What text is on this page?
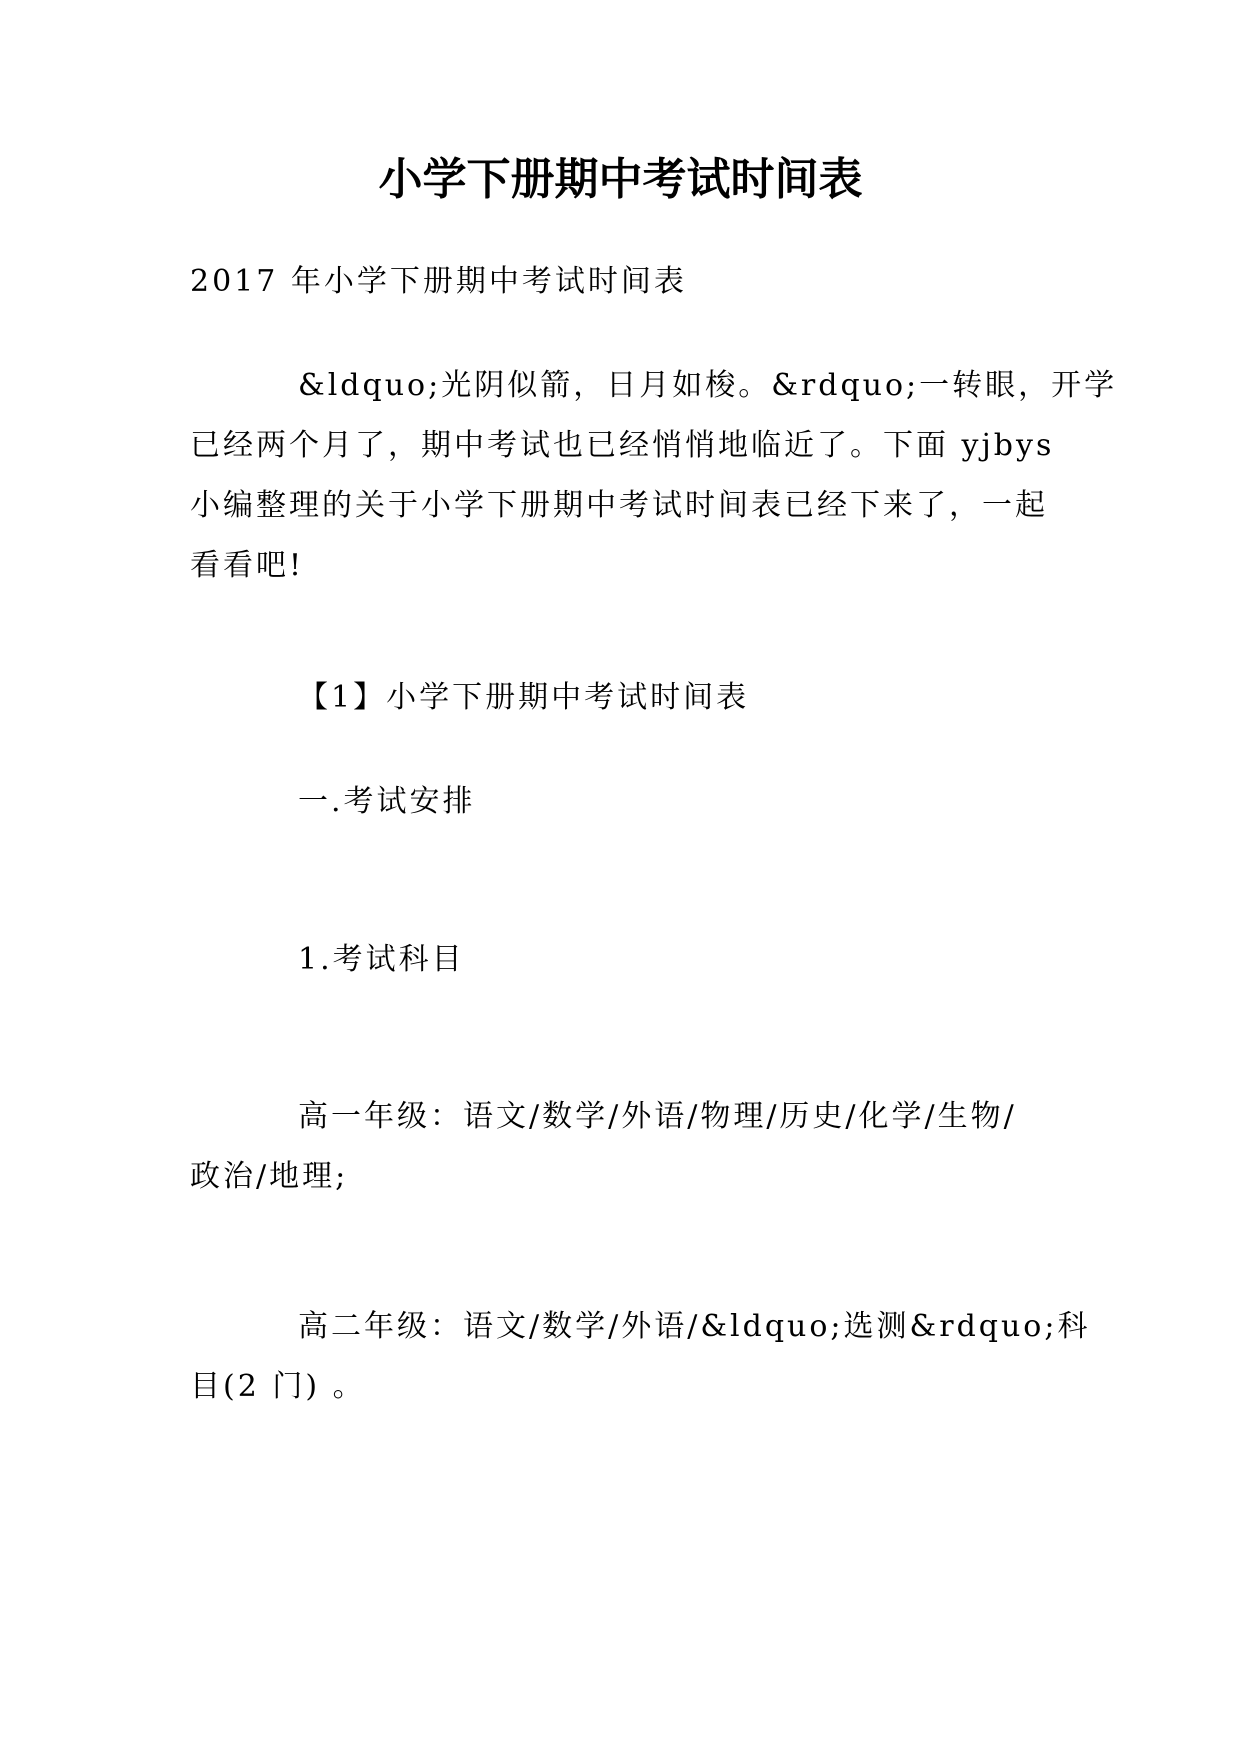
小学下册期中考试时间表

2017 年小学下册期中考试时间表

&ldquo;光阴似箭，日月如梭。&rdquo;一转眼，开学
已经两个月了，期中考试也已经悄悄地临近了。下面 yjbys
小编整理的关于小学下册期中考试时间表已经下来了，一起
看看吧!

【1】小学下册期中考试时间表

一.考试安排

1.考试科目

高一年级：语文/数学/外语/物理/历史/化学/生物/
政治/地理;
高二年级：语文/数学/外语/&ldquo;选测&rdquo;科
目(2 门) 。
